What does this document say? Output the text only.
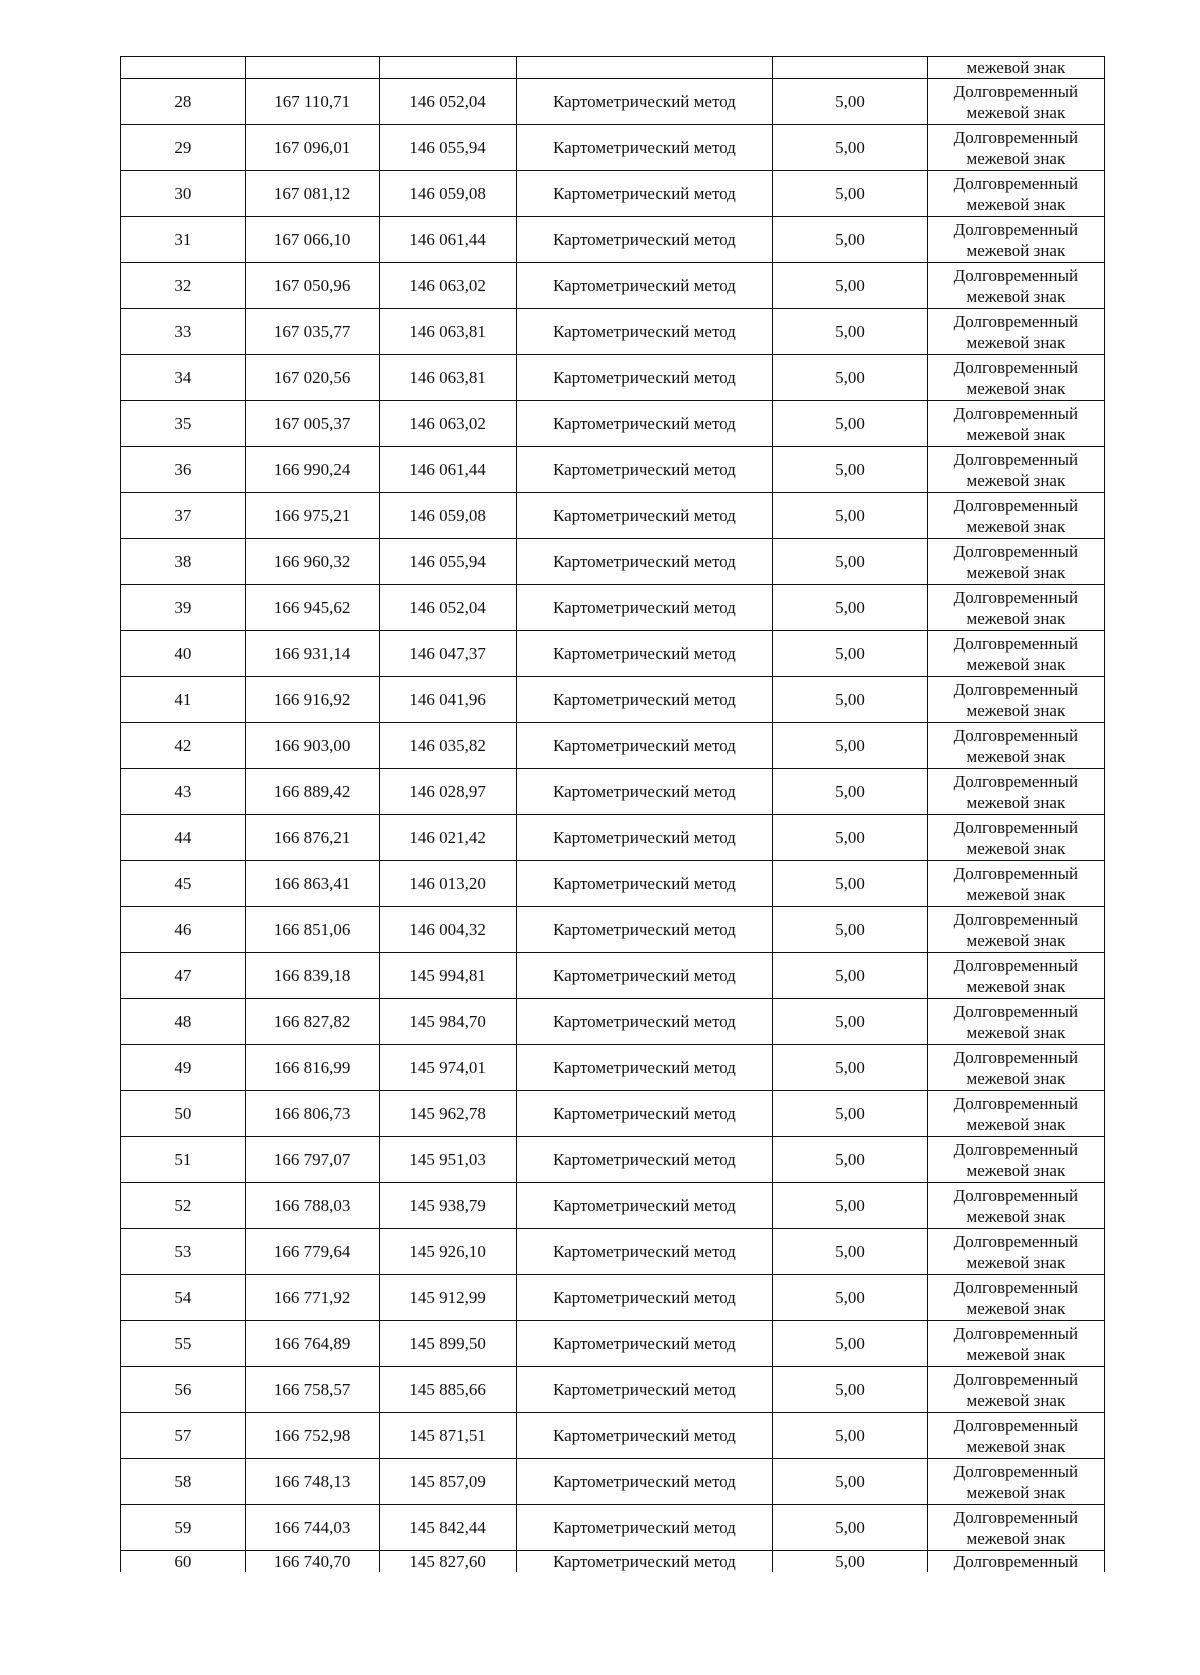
					межевой знак
28	167 110,71	146 052,04	Картометрический метод	5,00	Долговременный
межевой знак

29	167 096,01	146 055,94	Картометрический метод	5,00	Долговременный
межевой знак

30	167 081,12	146 059,08	Картометрический метод	5,00	Долговременный
межевой знак

31	167 066,10	146 061,44	Картометрический метод	5,00	Долговременный
межевой знак

32	167 050,96	146 063,02	Картометрический метод	5,00	Долговременный
межевой знак

33	167 035,77	146 063,81	Картометрический метод	5,00	Долговременный
межевой знак

34	167 020,56	146 063,81	Картометрический метод	5,00	Долговременный
межевой знак

35	167 005,37	146 063,02	Картометрический метод	5,00	Долговременный
межевой знак

36	166 990,24	146 061,44	Картометрический метод	5,00	Долговременный
межевой знак

37	166 975,21	146 059,08	Картометрический метод	5,00	Долговременный
межевой знак

38	166 960,32	146 055,94	Картометрический метод	5,00	Долговременный
межевой знак

39	166 945,62	146 052,04	Картометрический метод	5,00	Долговременный
межевой знак

40	166 931,14	146 047,37	Картометрический метод	5,00	Долговременный
межевой знак

41	166 916,92	146 041,96	Картометрический метод	5,00	Долговременный
межевой знак

42	166 903,00	146 035,82	Картометрический метод	5,00	Долговременный
межевой знак

43	166 889,42	146 028,97	Картометрический метод	5,00	Долговременный
межевой знак

44	166 876,21	146 021,42	Картометрический метод	5,00	Долговременный
межевой знак

45	166 863,41	146 013,20	Картометрический метод	5,00	Долговременный
межевой знак

46	166 851,06	146 004,32	Картометрический метод	5,00	Долговременный
межевой знак

47	166 839,18	145 994,81	Картометрический метод	5,00	Долговременный
межевой знак

48	166 827,82	145 984,70	Картометрический метод	5,00	Долговременный
межевой знак

49	166 816,99	145 974,01	Картометрический метод	5,00	Долговременный
межевой знак

50	166 806,73	145 962,78	Картометрический метод	5,00	Долговременный
межевой знак

51	166 797,07	145 951,03	Картометрический метод	5,00	Долговременный
межевой знак

52	166 788,03	145 938,79	Картометрический метод	5,00	Долговременный
межевой знак

53	166 779,64	145 926,10	Картометрический метод	5,00	Долговременный
межевой знак

54	166 771,92	145 912,99	Картометрический метод	5,00	Долговременный
межевой знак

55	166 764,89	145 899,50	Картометрический метод	5,00	Долговременный
межевой знак

56	166 758,57	145 885,66	Картометрический метод	5,00	Долговременный
межевой знак

57	166 752,98	145 871,51	Картометрический метод	5,00	Долговременный
межевой знак

58	166 748,13	145 857,09	Картометрический метод	5,00	Долговременный
межевой знак

59	166 744,03	145 842,44	Картометрический метод	5,00	Долговременный
межевой знак

60	166 740,70	145 827,60	Картометрический метод	5,00	Долговременный
